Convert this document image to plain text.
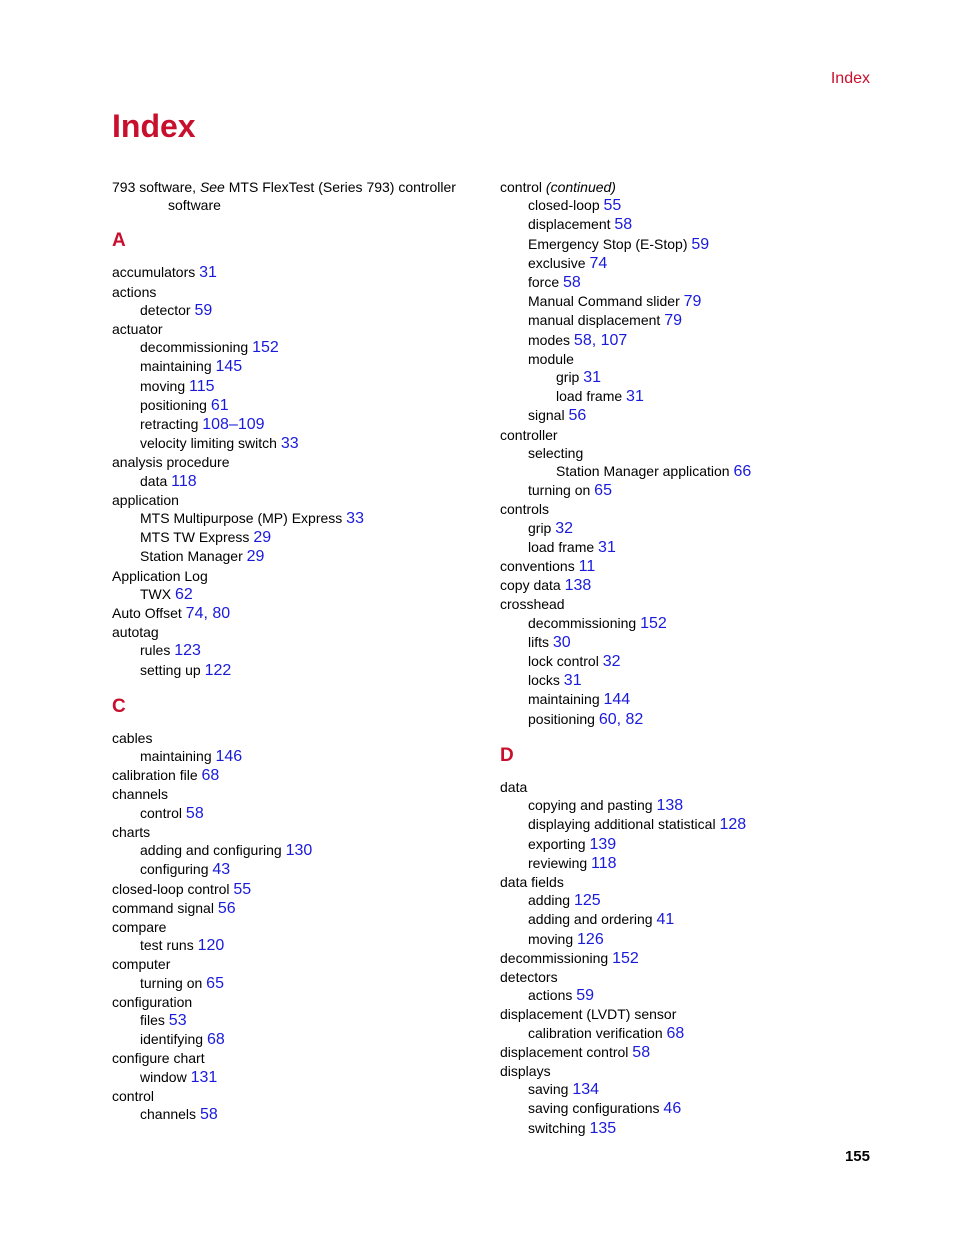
Index
Index
793 software, See MTS FlexTest (Series 793) controller software
A
accumulators 31
actions
detector 59
actuator
decommissioning 152
maintaining 145
moving 115
positioning 61
retracting 108–109
velocity limiting switch 33
analysis procedure
data 118
application
MTS Multipurpose (MP) Express 33
MTS TW Express 29
Station Manager 29
Application Log
TWX 62
Auto Offset 74, 80
autotag
rules 123
setting up 122
C
cables
maintaining 146
calibration file 68
channels
control 58
charts
adding and configuring 130
configuring 43
closed-loop control 55
command signal 56
compare
test runs 120
computer
turning on 65
configuration
files 53
identifying 68
configure chart
window 131
control
channels 58
control (continued)
closed-loop 55
displacement 58
Emergency Stop (E-Stop) 59
exclusive 74
force 58
Manual Command slider 79
manual displacement 79
modes 58, 107
module
grip 31
load frame 31
signal 56
controller
selecting
Station Manager application 66
turning on 65
controls
grip 32
load frame 31
conventions 11
copy data 138
crosshead
decommissioning 152
lifts 30
lock control 32
locks 31
maintaining 144
positioning 60, 82
D
data
copying and pasting 138
displaying additional statistical 128
exporting 139
reviewing 118
data fields
adding 125
adding and ordering 41
moving 126
decommissioning 152
detectors
actions 59
displacement (LVDT) sensor
calibration verification 68
displacement control 58
displays
saving 134
saving configurations 46
switching 135
155
